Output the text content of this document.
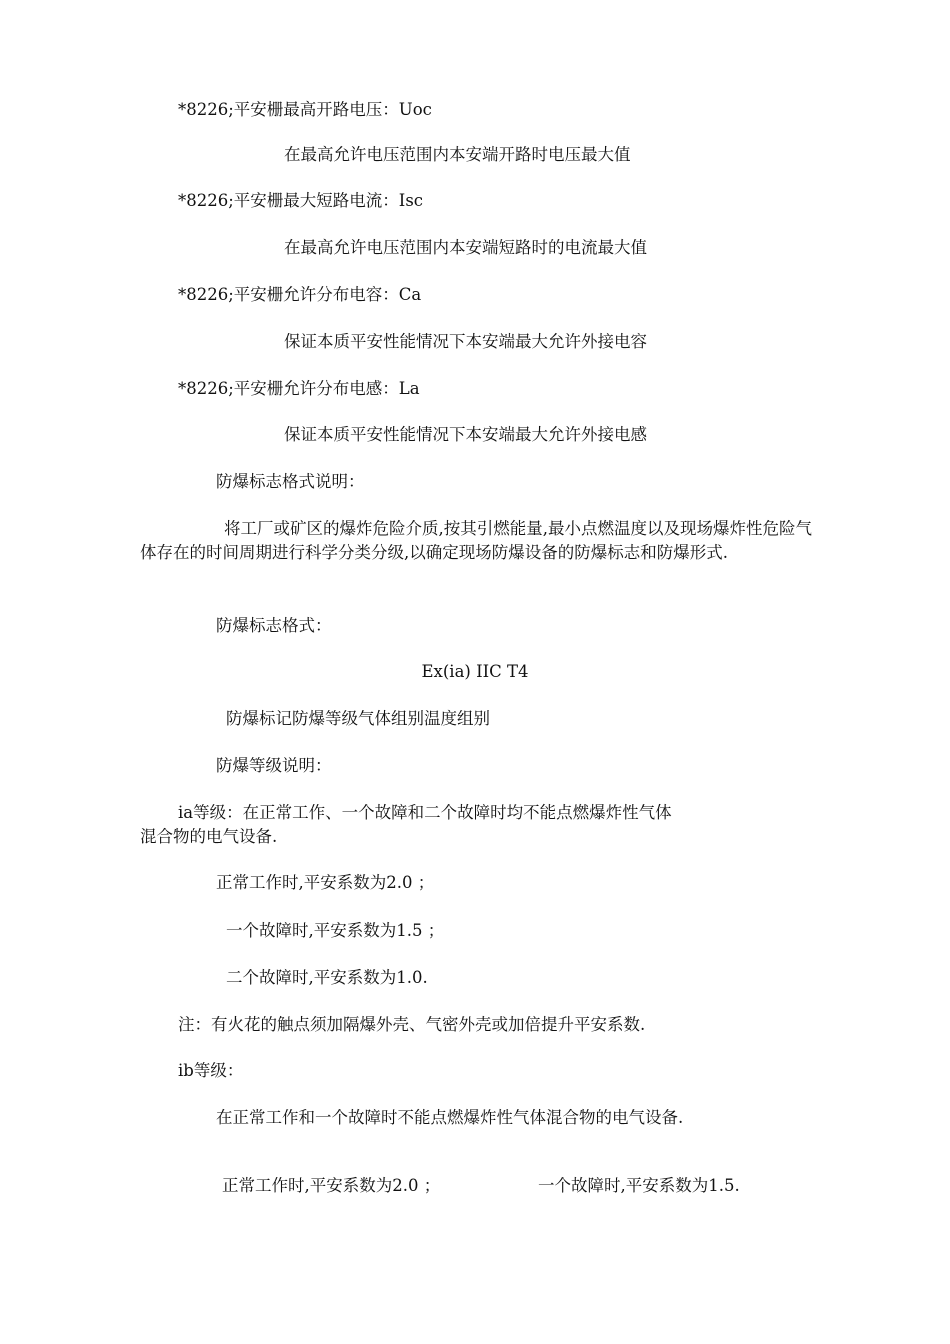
*8226;平安栅最高开路电压：Uoc
在最高允许电压范围内本安端开路时电压最大值
*8226;平安栅最大短路电流：Isc
在最高允许电压范围内本安端短路时的电流最大值
*8226;平安栅允许分布电容：Ca
保证本质平安性能情况下本安端最大允许外接电容
*8226;平安栅允许分布电感：La
保证本质平安性能情况下本安端最大允许外接电感
防爆标志格式说明：
将工厂或矿区的爆炸危险介质,按其引燃能量,最小点燃温度以及现场爆炸性危险气体存在的时间周期进行科学分类分级,以确定现场防爆设备的防爆标志和防爆形式.
防爆标志格式：
Ex(ia) IIC T4
防爆标记防爆等级气体组别温度组别
防爆等级说明：
ia等级：在正常工作、一个故障和二个故障时均不能点燃爆炸性气体
混合物的电气设备.
正常工作时,平安系数为2.0 ；
一个故障时,平安系数为1.5 ；
二个故障时,平安系数为1.0.
注：有火花的触点须加隔爆外壳、气密外壳或加倍提升平安系数.
ib等级：
在正常工作和一个故障时不能点燃爆炸性气体混合物的电气设备.
正常工作时,平安系数为2.0 ；	一个故障时,平安系数为1.5.
